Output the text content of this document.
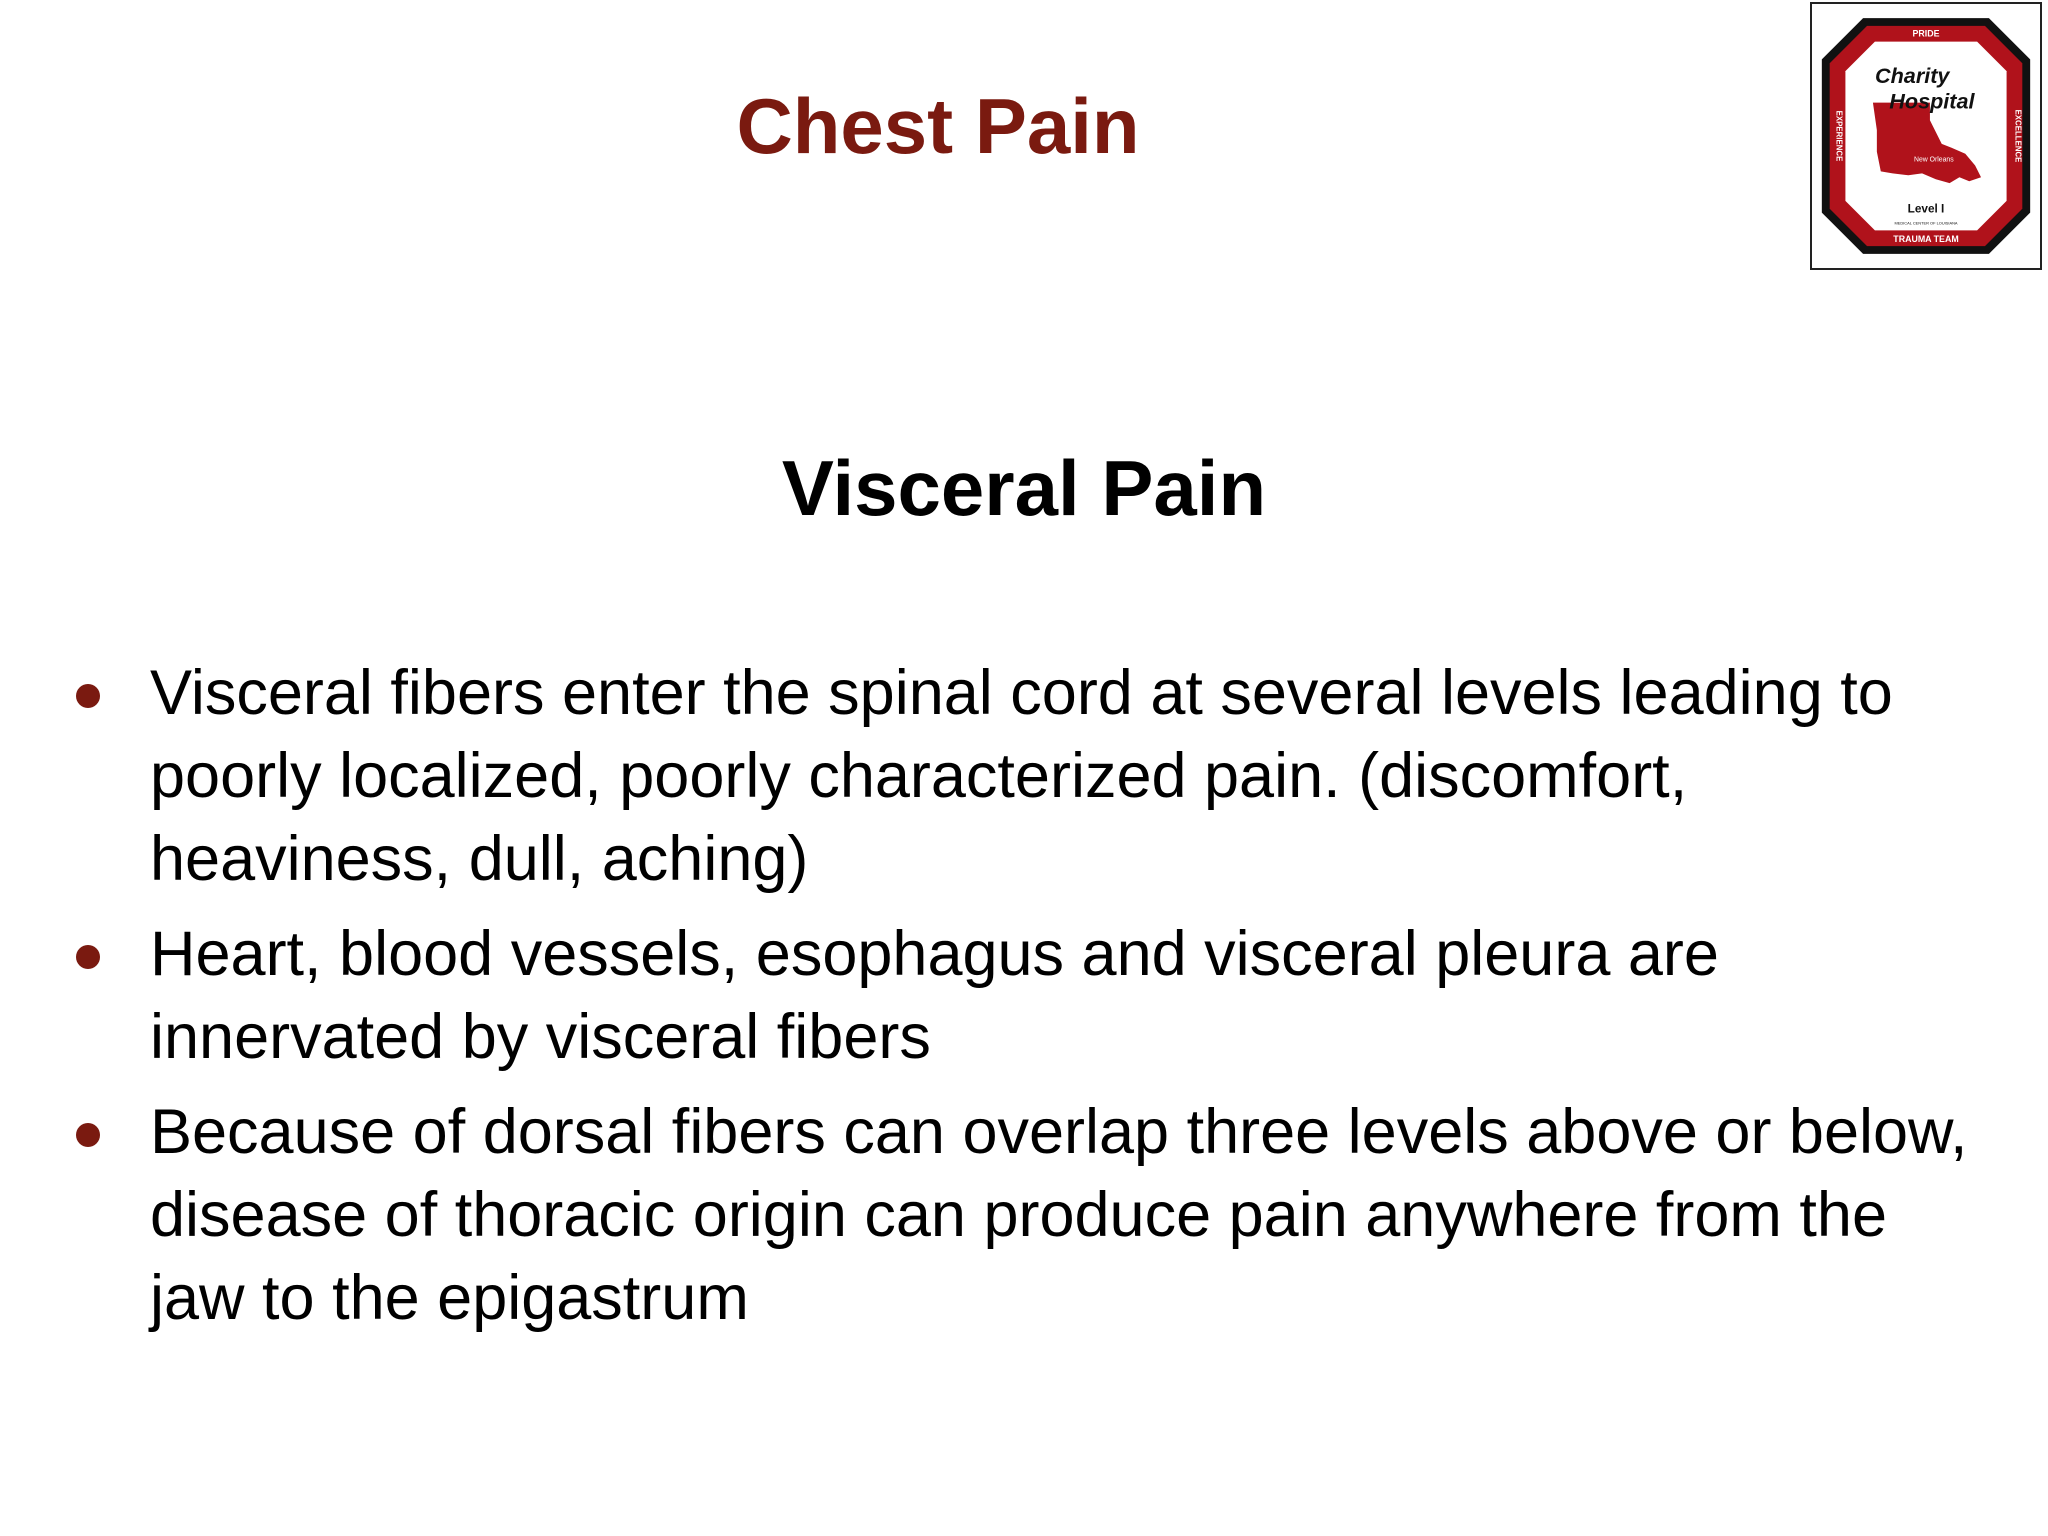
Chest Pain
PRIDE
EXPERIENCE	EXCELLENCE
Charity
Hospital
New Orleans
Level I
MEDICAL CENTER OF LOUISIANA
TRAUMA TEAM
Visceral Pain
Visceral fibers enter the spinal cord at several levels leading to poorly localized, poorly characterized pain. (discomfort, heaviness, dull, aching)
Heart, blood vessels, esophagus and visceral pleura are innervated by visceral fibers
Because of dorsal fibers can overlap three levels above or below, disease of thoracic origin can produce pain anywhere from the jaw to the epigastrum
